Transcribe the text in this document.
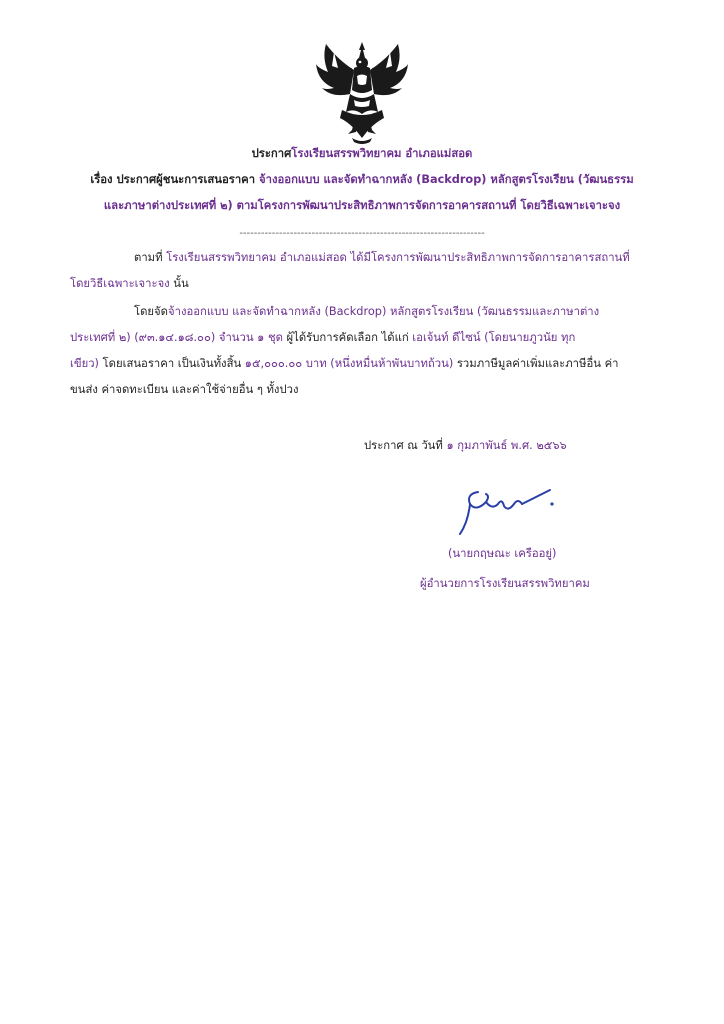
ประกาศโรงเรียนสรรพวิทยาคม อำเภอแม่สอด
เรื่อง ประกาศผู้ชนะการเสนอราคา จ้างออกแบบ และจัดทำฉากหลัง (Backdrop) หลักสูตรโรงเรียน (วัฒนธรรม
และภาษาต่างประเทศที่ ๒) ตามโครงการพัฒนาประสิทธิภาพการจัดการอาคารสถานที่ โดยวิธีเฉพาะเจาะจง
--------------------------------------------------------------------
ตามที่ โรงเรียนสรรพวิทยาคม อำเภอแม่สอด ได้มีโครงการพัฒนาประสิทธิภาพการจัดการอาคารสถานที่
โดยวิธีเฉพาะเจาะจง นั้น
โดยจัดจ้างออกแบบ และจัดทำฉากหลัง (Backdrop) หลักสูตรโรงเรียน (วัฒนธรรมและภาษาต่าง
ประเทศที่ ๒) (๙๓.๑๔.๑๘.๐๐) จำนวน ๑ ชุด ผู้ได้รับการคัดเลือก ได้แก่ เอเจ้นท์ ดีไซน์ (โดยนายภูวนัย ทุก
เขียว) โดยเสนอราคา เป็นเงินทั้งสิ้น ๑๕,๐๐๐.๐๐ บาท (หนึ่งหมื่นห้าพันบาทถ้วน) รวมภาษีมูลค่าเพิ่มและภาษีอื่น ค่า
ขนส่ง ค่าจดทะเบียน และค่าใช้จ่ายอื่น ๆ ทั้งปวง
ประกาศ ณ วันที่ ๑ กุมภาพันธ์ พ.ศ. ๒๕๖๖
(นายกฤษณะ เครืออยู่)
ผู้อำนวยการโรงเรียนสรรพวิทยาคม
